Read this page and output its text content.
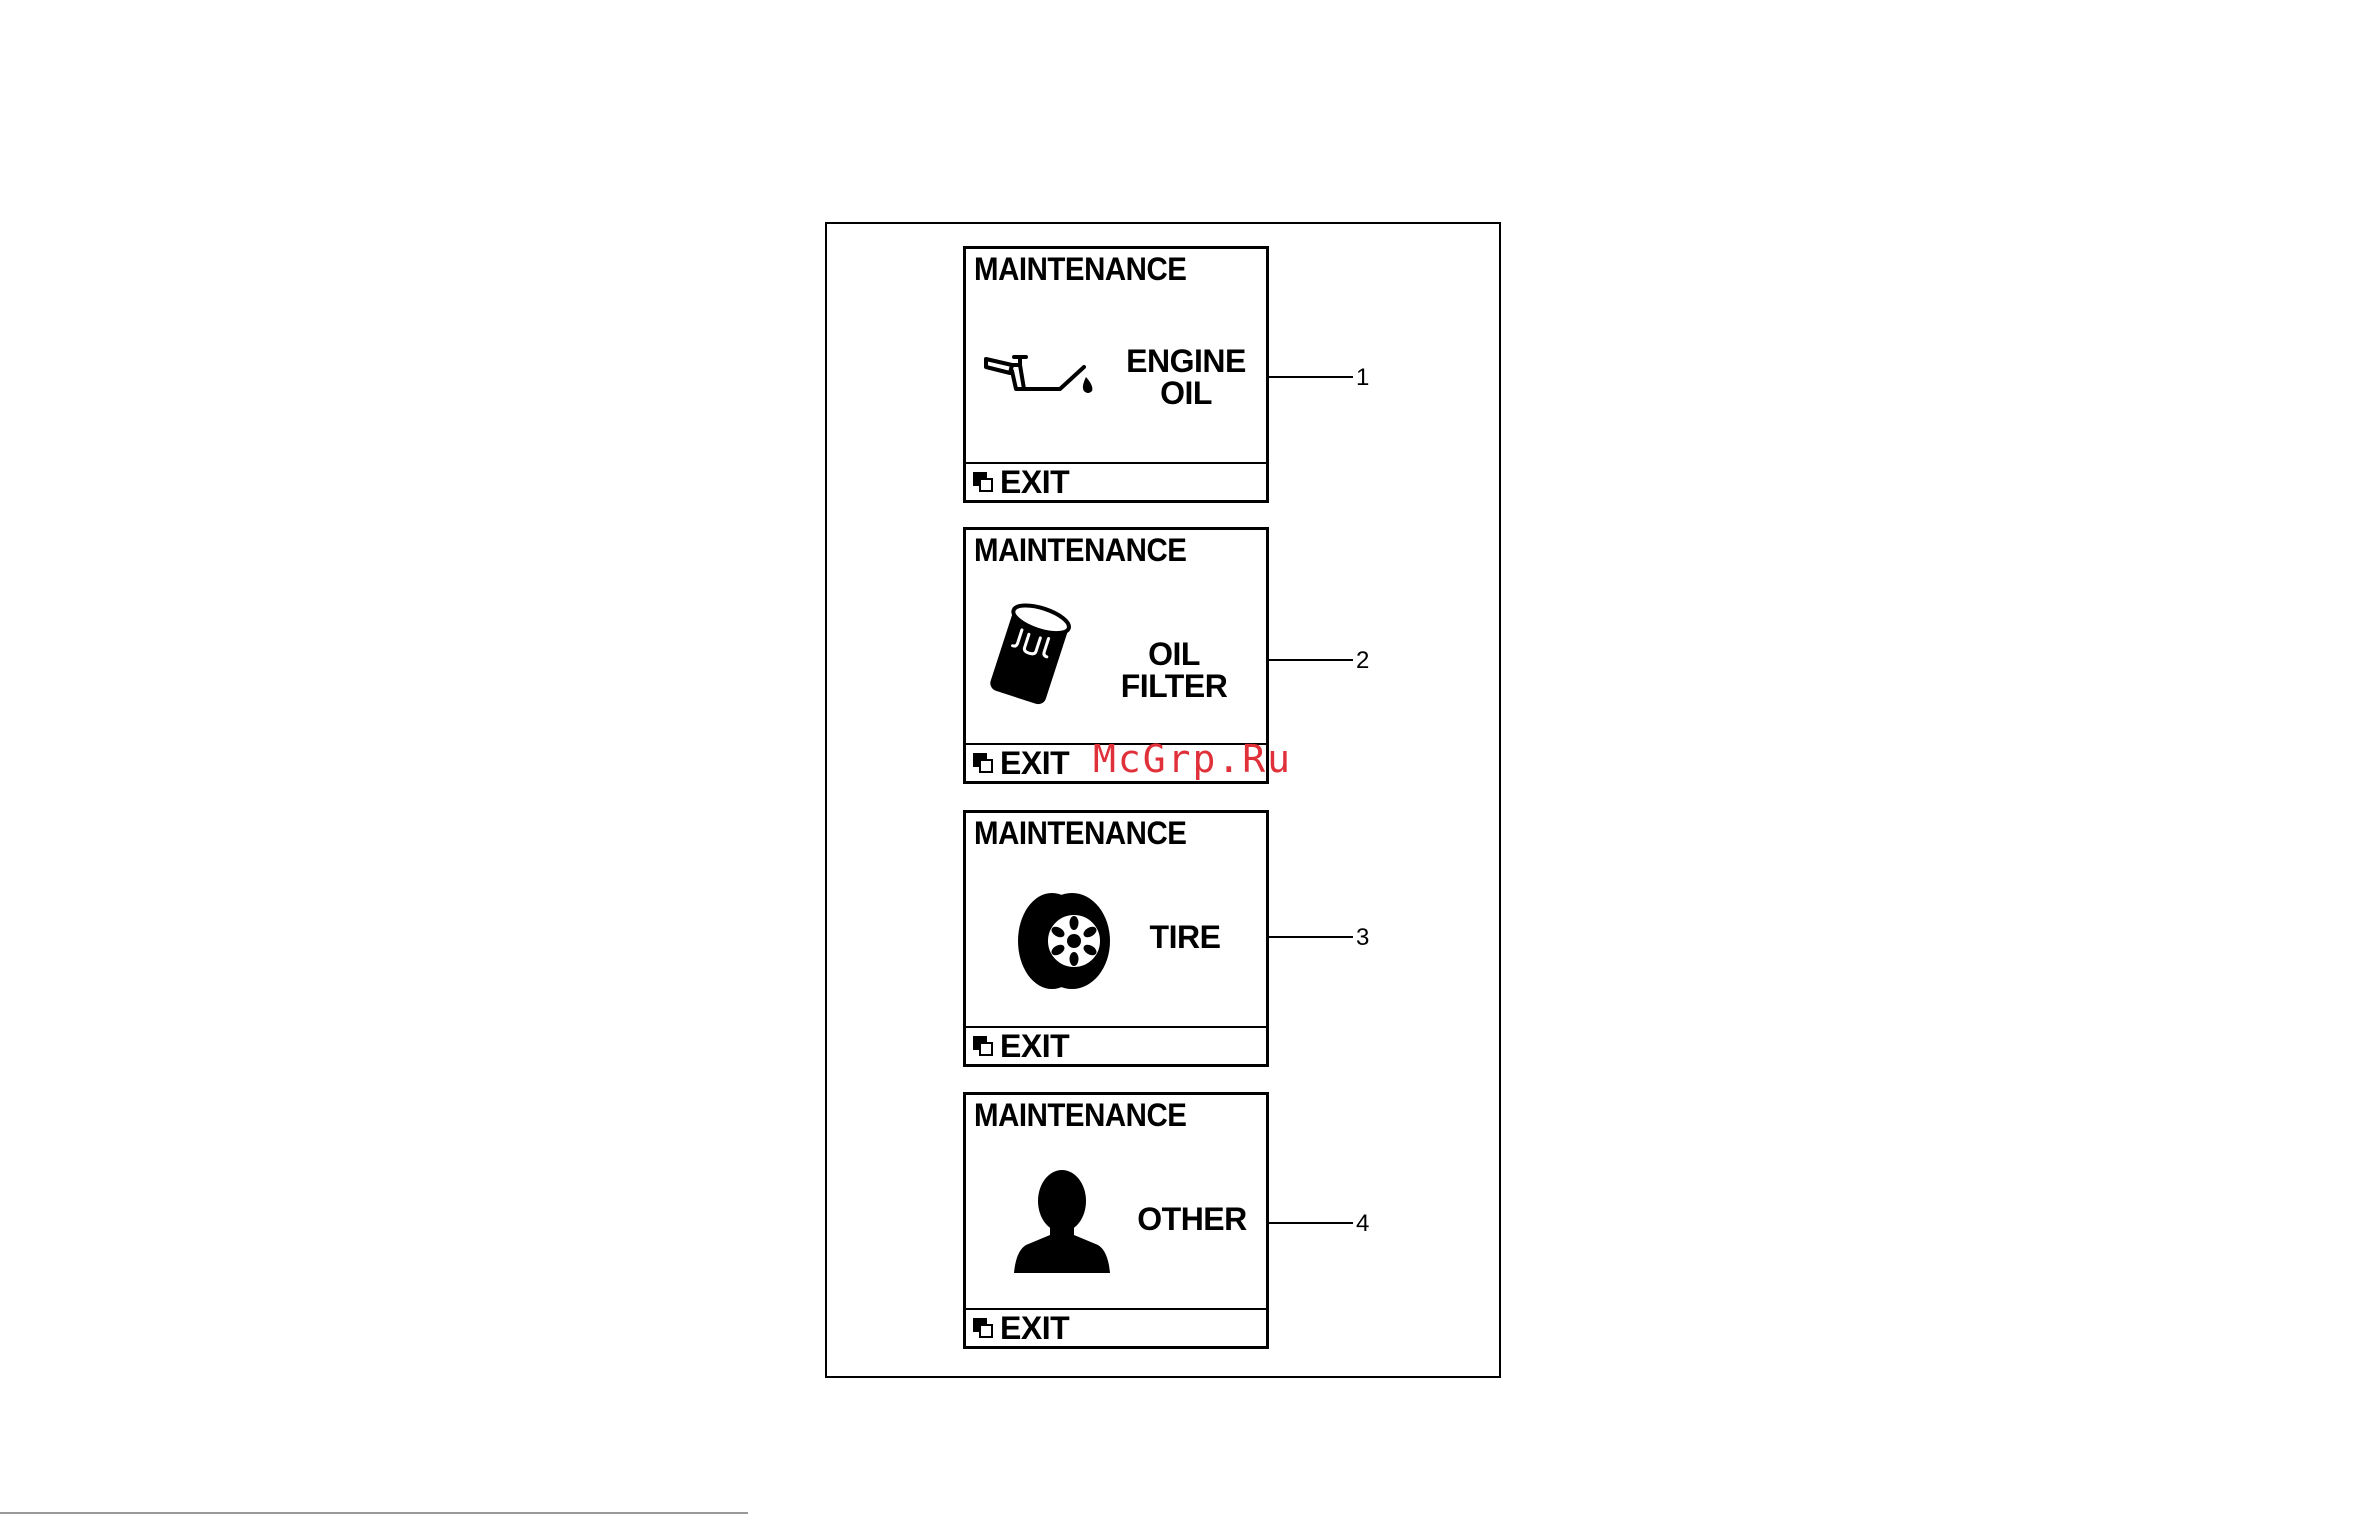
MAINTENANCE
ENGINE
OIL
EXIT
1
MAINTENANCE
OIL FILTER
EXIT
2
MAINTENANCE
TIRE
EXIT
3
MAINTENANCE
OTHER
EXIT
4
McGrp.Ru
